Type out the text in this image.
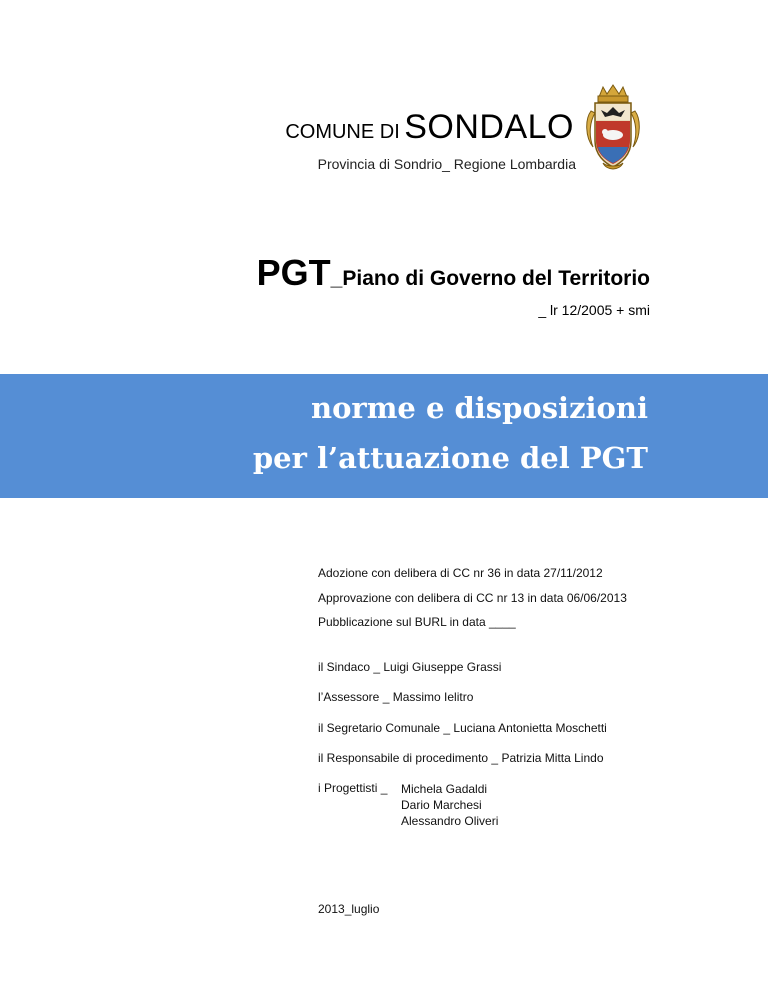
COMUNE DI SONDALO
Provincia di Sondrio_ Regione Lombardia
PGT_Piano di Governo del Territorio
_ lr 12/2005 + smi
norme e disposizioni
per l’attuazione del PGT
Adozione con delibera di CC nr 36 in data 27/11/2012
Approvazione con delibera di CC nr 13 in data 06/06/2013
Pubblicazione sul BURL in data ____
il Sindaco _ Luigi Giuseppe Grassi
l’Assessore _ Massimo Ielitro
il Segretario Comunale _ Luciana Antonietta Moschetti
il Responsabile di procedimento _ Patrizia Mitta Lindo
i Progettisti _ Michela Gadaldi
Dario Marchesi
Alessandro Oliveri
2013_luglio
